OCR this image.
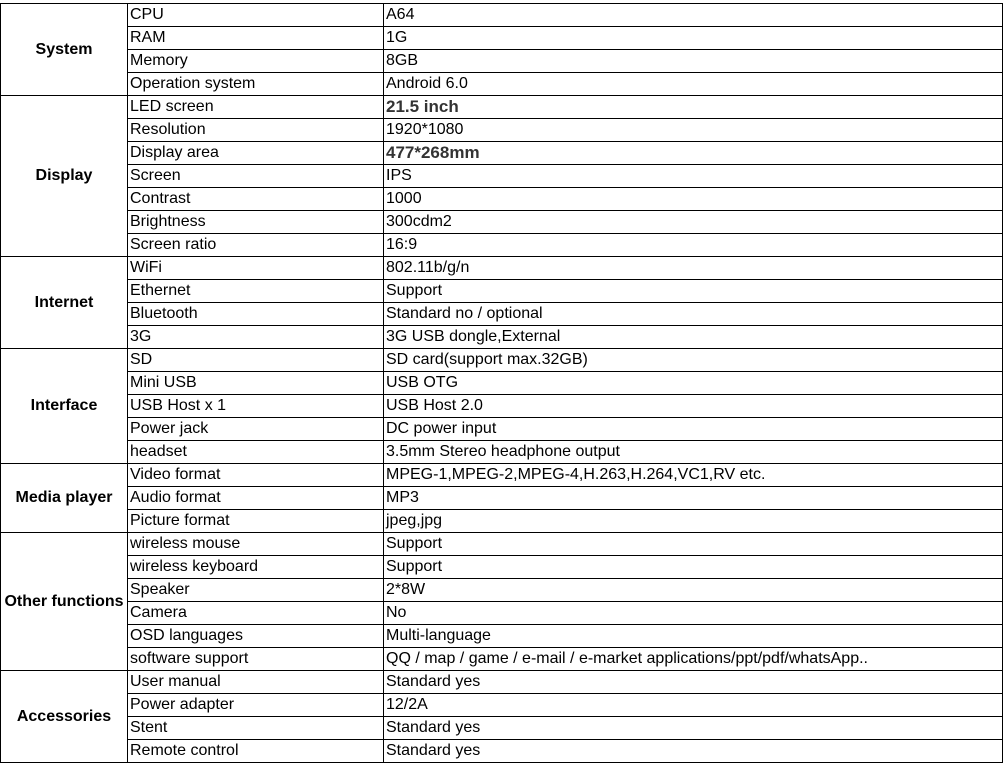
System	CPU	A64
	RAM	1G
	Memory	8GB
	Operation system	Android 6.0
Display	LED screen	21.5 inch
	Resolution	1920*1080
	Display area	477*268mm
	Screen	IPS
	Contrast	1000
	Brightness	300cdm2
	Screen ratio	16:9
Internet	WiFi	802.11b/g/n
	Ethernet	Support
	Bluetooth	Standard no / optional
	3G	3G USB dongle,External
Interface	SD	SD card(support max.32GB)
	Mini USB	USB OTG
	USB Host x 1	USB Host 2.0
	Power jack	DC power input
	headset	3.5mm Stereo headphone output
Media player	Video format	MPEG-1,MPEG-2,MPEG-4,H.263,H.264,VC1,RV etc.
	Audio format	MP3
	Picture format	jpeg,jpg
Other functions	wireless mouse	Support
	wireless keyboard	Support
	Speaker	2*8W
	Camera	No
	OSD languages	Multi-language
	software support	QQ / map / game / e-mail / e-market applications/ppt/pdf/whatsApp..
Accessories	User manual	Standard yes
	Power adapter	12/2A
	Stent	Standard yes
	Remote control	Standard yes
